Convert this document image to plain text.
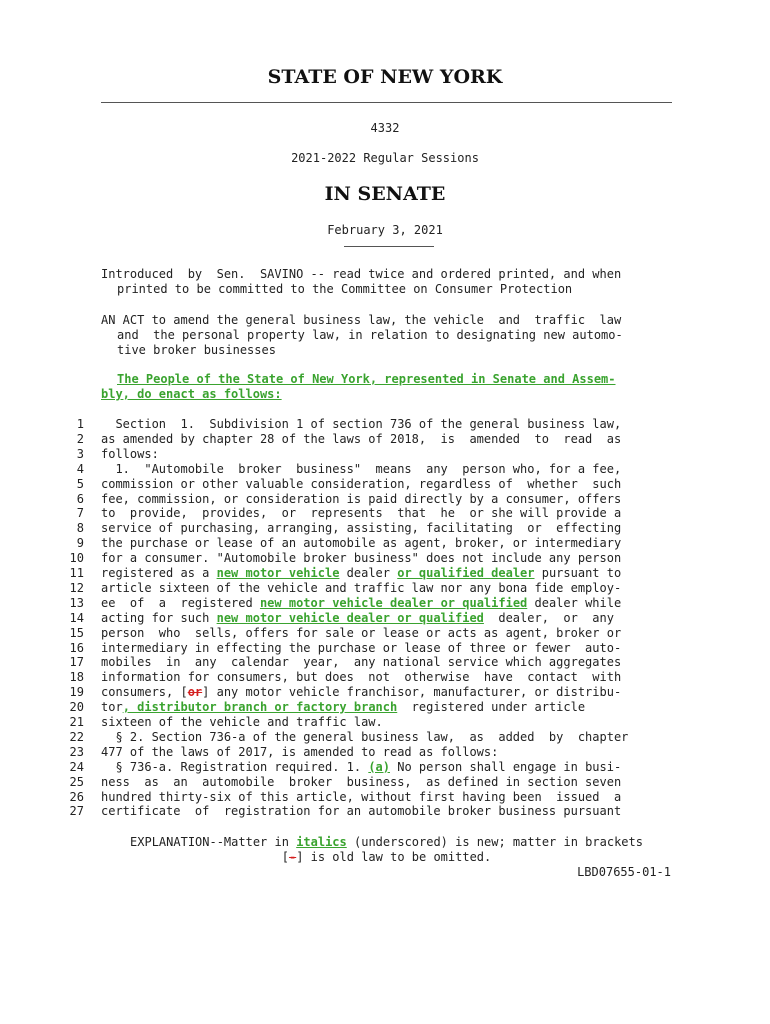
STATE OF NEW YORK
4332
2021-2022 Regular Sessions
IN SENATE
February 3, 2021
Introduced  by  Sen.  SAVINO -- read twice and ordered printed, and when
printed to be committed to the Committee on Consumer Protection
AN ACT to amend the general business law, the vehicle  and  traffic  law
and  the personal property law, in relation to designating new automo-
tive broker businesses
The People of the State of New York, represented in Senate and Assem-
bly, do enact as follows:
1 Section  1.  Subdivision 1 of section 736 of the general business law,
2 as amended by chapter 28 of the laws of 2018,  is  amended  to  read  as
3 follows:
4 1.  "Automobile  broker  business"  means  any  person who, for a fee,
5 commission or other valuable consideration, regardless of  whether  such
6 fee, commission, or consideration is paid directly by a consumer, offers
7 to  provide,  provides,  or  represents  that  he  or she will provide a
8 service of purchasing, arranging, assisting, facilitating  or  effecting
9 the purchase or lease of an automobile as agent, broker, or intermediary
10 for a consumer. "Automobile broker business" does not include any person
11 registered as a new motor vehicle dealer or qualified dealer pursuant to
12 article sixteen of the vehicle and traffic law nor any bona fide employ-
13 ee  of  a  registered new motor vehicle dealer or qualified dealer while
14 acting for such new motor vehicle dealer or qualified  dealer,  or  any
15 person  who  sells, offers for sale or lease or acts as agent, broker or
16 intermediary in effecting the purchase or lease of three or fewer  auto-
17 mobiles  in  any  calendar  year,  any national service which aggregates
18 information for consumers, but does  not  otherwise  have  contact  with
19 consumers, [or] any motor vehicle franchisor, manufacturer, or distribu-
20 tor, distributor branch or factory branch  registered under article
21 sixteen of the vehicle and traffic law.
22 § 2. Section 736-a of the general business law,  as  added  by  chapter
23 477 of the laws of 2017, is amended to read as follows:
24 § 736-a. Registration required. 1. (a) No person shall engage in busi-
25 ness  as  an  automobile  broker  business,  as defined in section seven
26 hundred thirty-six of this article, without first having been  issued  a
27 certificate  of  registration for an automobile broker business pursuant
EXPLANATION--Matter in italics (underscored) is new; matter in brackets
[-] is old law to be omitted.
LBD07655-01-1
